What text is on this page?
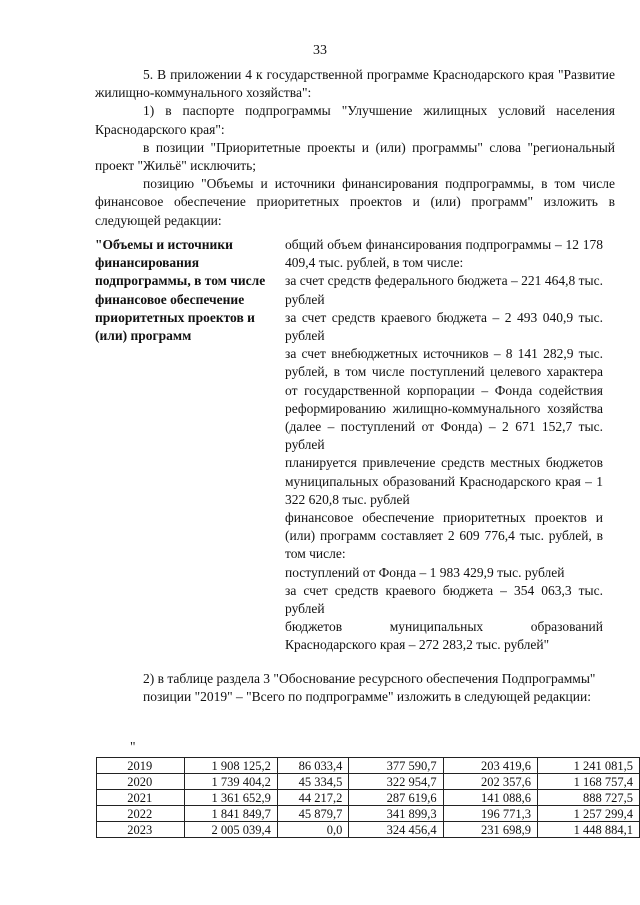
33

5. В приложении 4 к государственной программе Краснодарского края "Развитие жилищно-коммунального хозяйства":

1) в паспорте подпрограммы "Улучшение жилищных условий населения Краснодарского края":

в позиции "Приоритетные проекты и (или) программы" слова "региональный проект "Жильё" исключить;

позицию "Объемы и источники финансирования подпрограммы, в том числе финансовое обеспечение приоритетных проектов и (или) программ" изложить в следующей редакции:

"Объемы и источники финансирования подпрограммы, в том числе финансовое обеспечение приоритетных проектов и (или) программ

общий объем финансирования подпрограммы – 12 178 409,4 тыс. рублей, в том числе:

за счет средств федерального бюджета – 221 464,8 тыс. рублей

за счет средств краевого бюджета – 2 493 040,9 тыс. рублей

за счет внебюджетных источников – 8 141 282,9 тыс. рублей, в том числе поступлений целевого характера от государственной корпорации – Фонда содействия реформированию жилищно-коммунального хозяйства (далее – поступлений от Фонда) – 2 671 152,7 тыс. рублей

планируется привлечение средств местных бюджетов муниципальных образований Краснодарского края – 1 322 620,8 тыс. рублей

финансовое обеспечение приоритетных проектов и (или) программ составляет 2 609 776,4 тыс. рублей, в том числе:

поступлений от Фонда – 1 983 429,9 тыс. рублей

за счет средств краевого бюджета – 354 063,3 тыс. рублей

бюджетов муниципальных образований Краснодарского края – 272 283,2 тыс. рублей"

2) в таблице раздела 3 "Обоснование ресурсного обеспечения Подпрограммы"

позиции "2019" – "Всего по подпрограмме" изложить в следующей редакции:

"
2019	1 908 125,2	86 033,4	377 590,7	203 419,6	1 241 081,5
2020	1 739 404,2	45 334,5	322 954,7	202 357,6	1 168 757,4
2021	1 361 652,9	44 217,2	287 619,6	141 088,6	888 727,5
2022	1 841 849,7	45 879,7	341 899,3	196 771,3	1 257 299,4
2023	2 005 039,4	0,0	324 456,4	231 698,9	1 448 884,1
